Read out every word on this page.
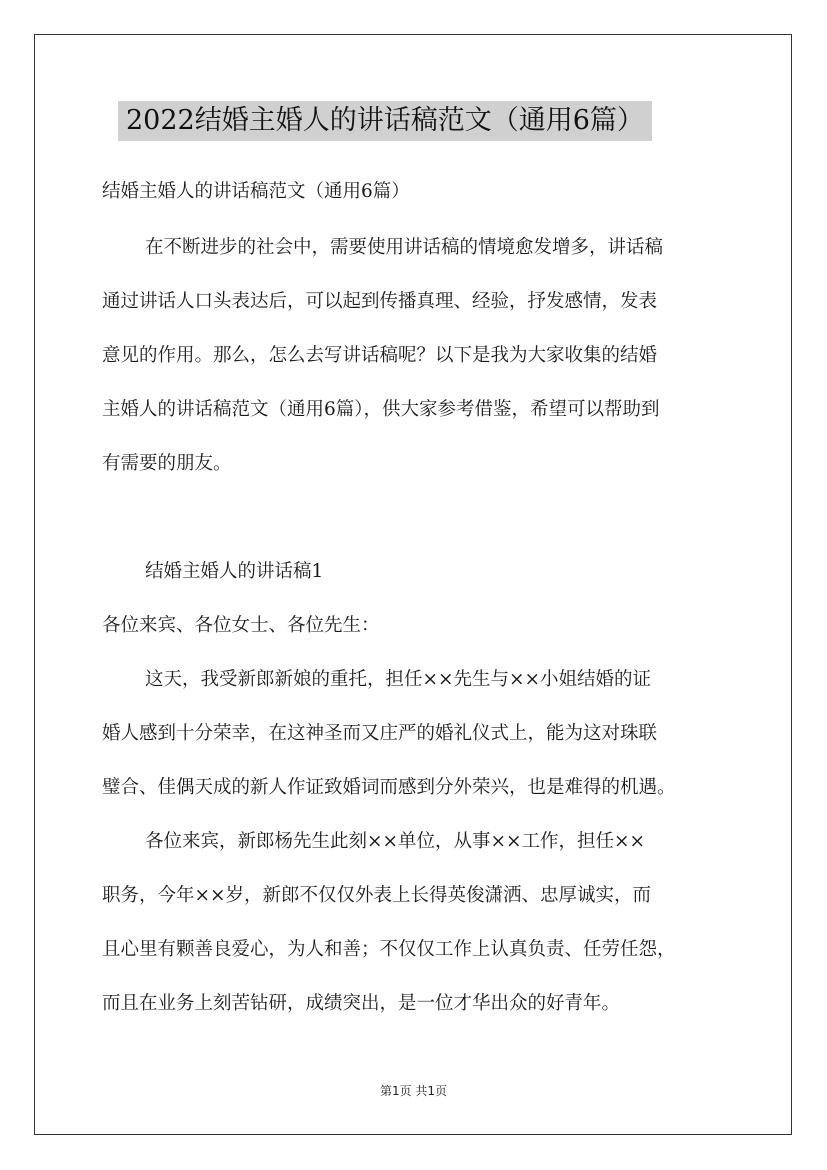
2022结婚主婚人的讲话稿范文（通用6篇）
结婚主婚人的讲话稿范文（通用6篇）
在不断进步的社会中，需要使用讲话稿的情境愈发增多，讲话稿
通过讲话人口头表达后，可以起到传播真理、经验，抒发感情，发表
意见的作用。那么，怎么去写讲话稿呢？以下是我为大家收集的结婚
主婚人的讲话稿范文（通用6篇），供大家参考借鉴，希望可以帮助到
有需要的朋友。
结婚主婚人的讲话稿1
各位来宾、各位女士、各位先生：
这天，我受新郎新娘的重托，担任××先生与××小姐结婚的证
婚人感到十分荣幸，在这神圣而又庄严的婚礼仪式上，能为这对珠联
璧合、佳偶天成的新人作证致婚词而感到分外荣兴，也是难得的机遇。
各位来宾，新郎杨先生此刻××单位，从事××工作，担任××
职务，今年××岁，新郎不仅仅外表上长得英俊潇洒、忠厚诚实，而
且心里有颗善良爱心，为人和善；不仅仅工作上认真负责、任劳任怨，
而且在业务上刻苦钻研，成绩突出，是一位才华出众的好青年。
第1页 共1页
